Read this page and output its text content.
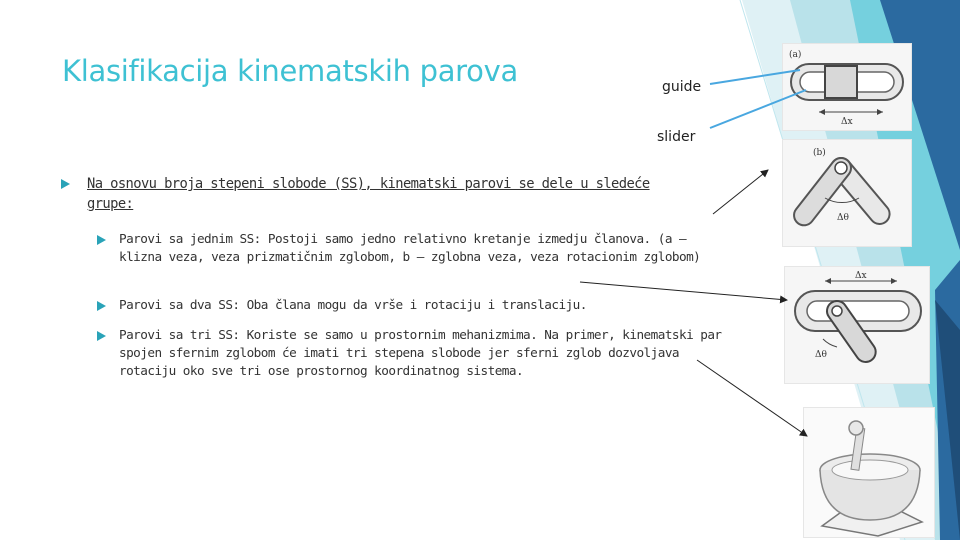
Klasifikacija kinematskih parova	guide
slider
Na osnovu broja stepeni slobode (SS), kinematski parovi se dele u sledeće grupe:
Parovi sa jednim SS: Postoji samo jedno relativno kretanje izmedju članova. (a – klizna veza, veza prizmatičnim zglobom, b – zglobna veza, veza rotacionim zglobom)
Parovi sa dva SS: Oba člana mogu da vrše i rotaciju i translaciju.
Parovi sa tri SS: Koriste se samo u prostornim mehanizmima. Na primer, kinematski par spojen sfernim zglobom će imati tri stepena slobode jer sferni zglob dozvoljava rotaciju oko sve tri ose prostornog koordinatnog sistema.
(a)
Δx
(b)
Δθ
Δx
Δθ
